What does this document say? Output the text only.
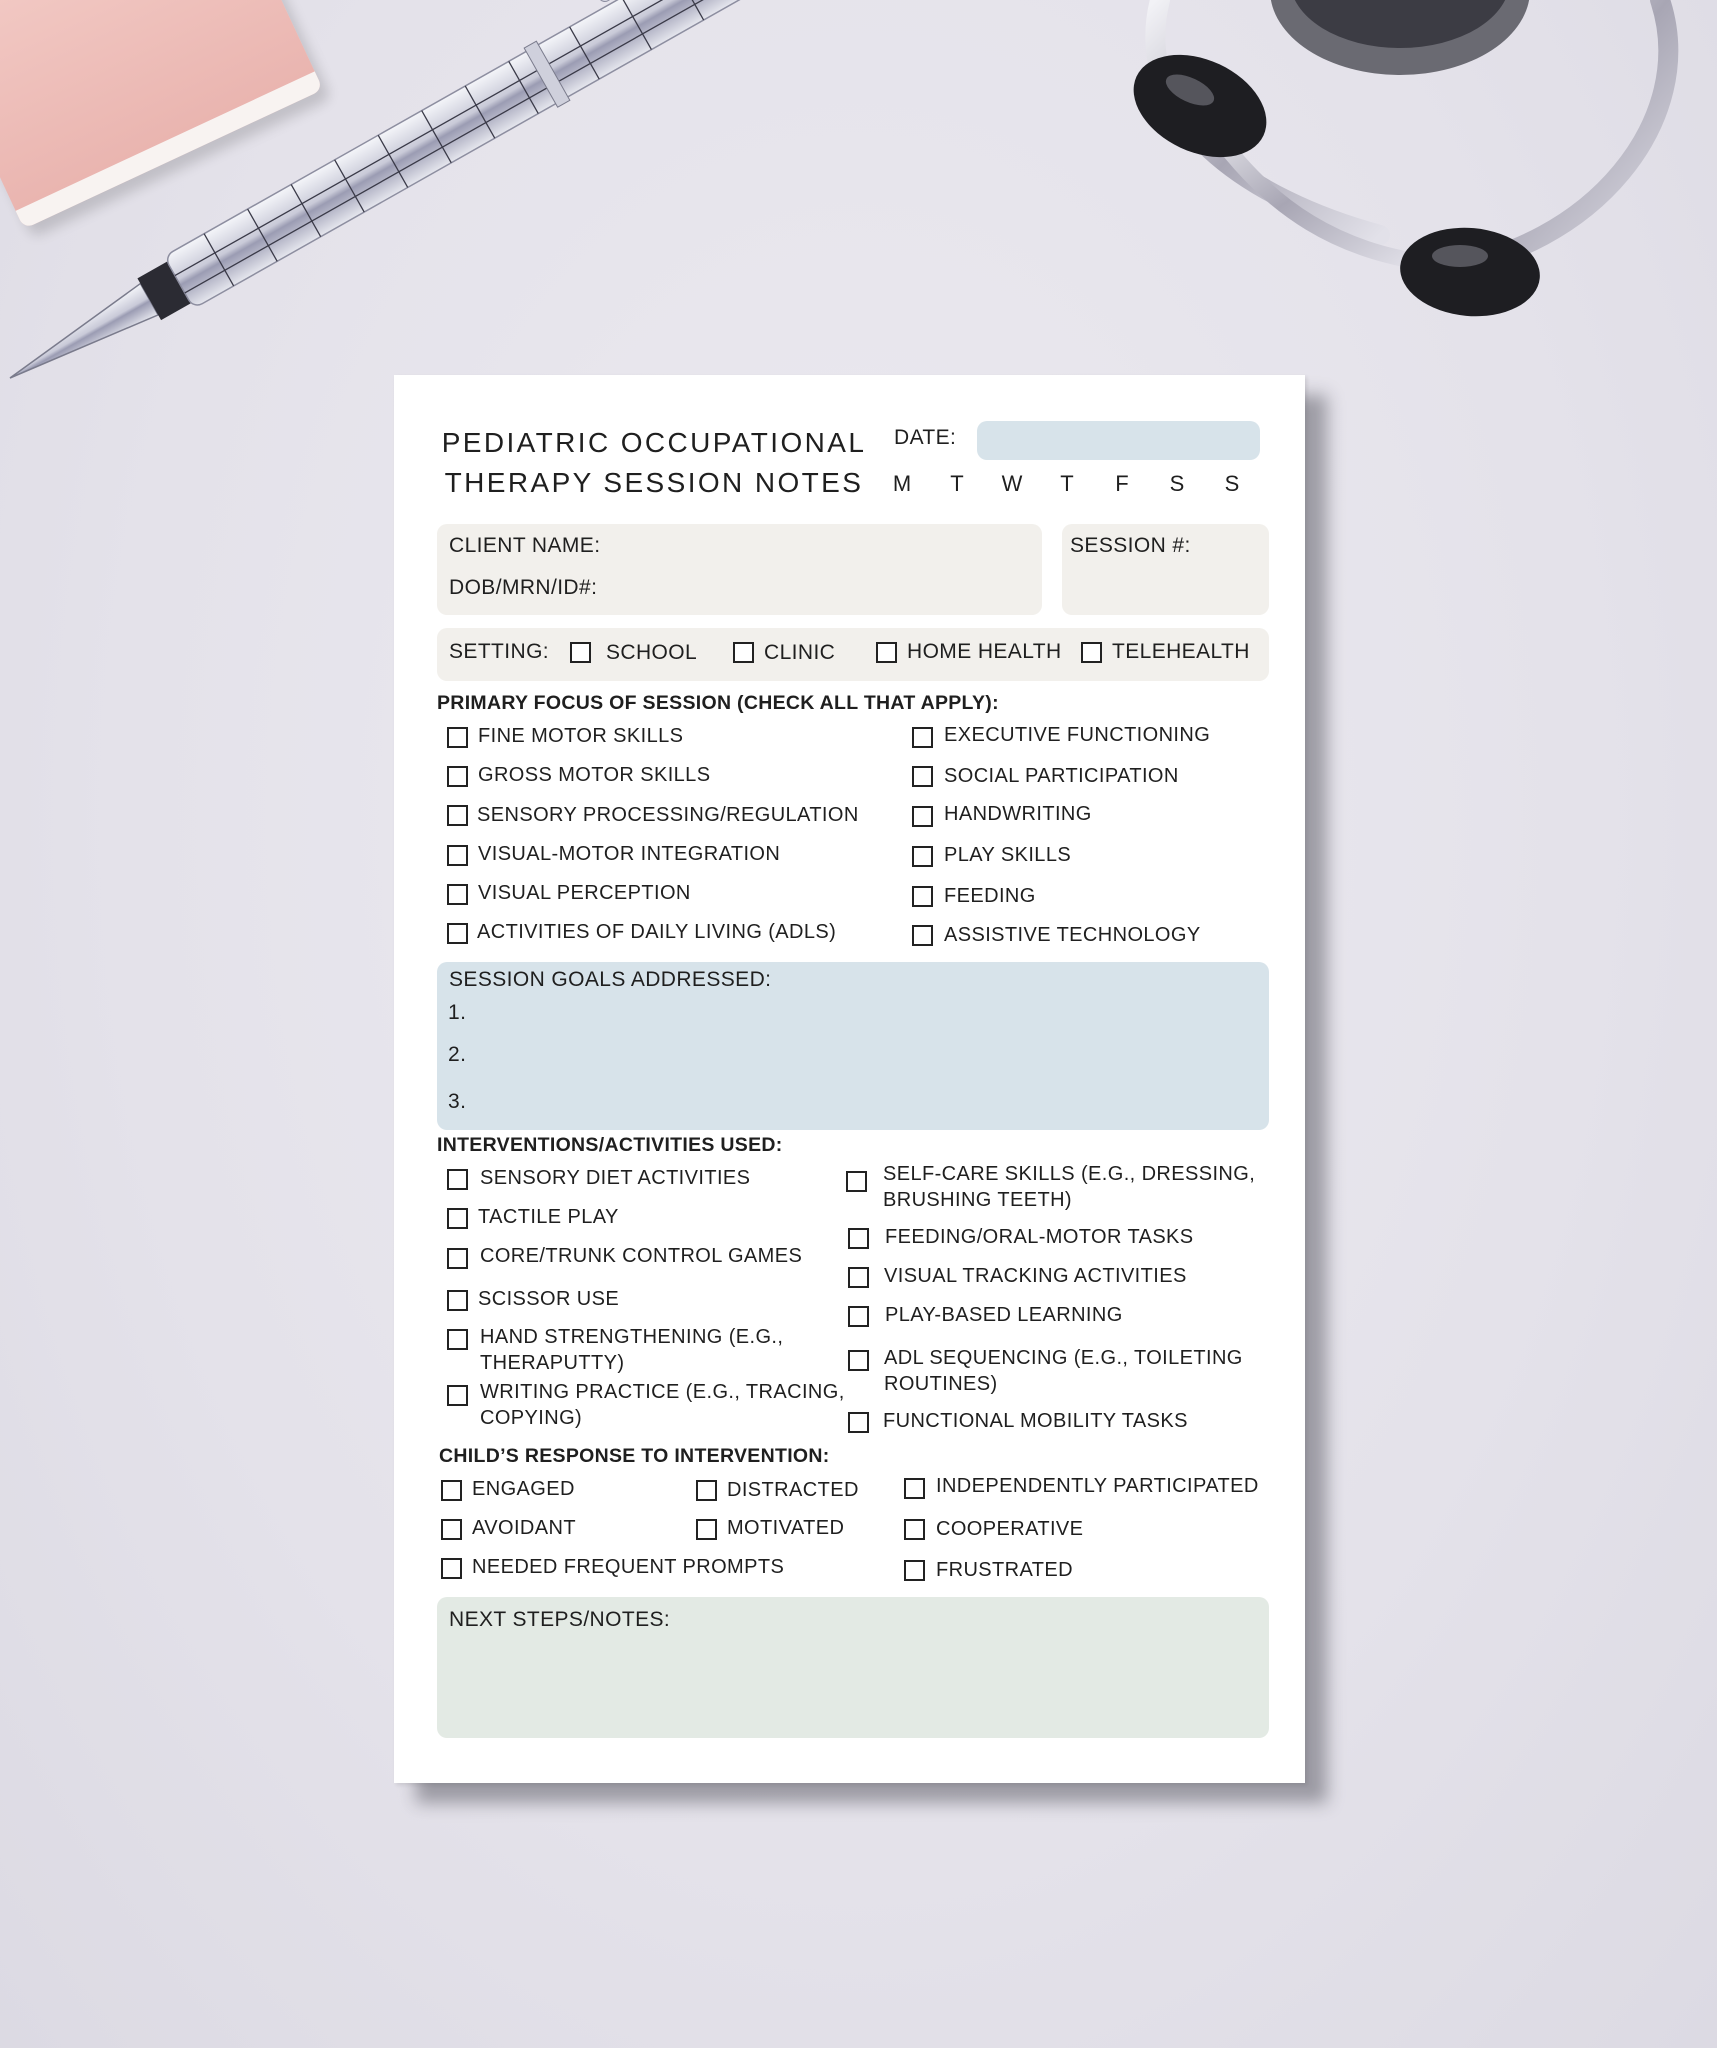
PEDIATRIC OCCUPATIONAL
THERAPY SESSION NOTES
DATE:
M T W T F S S
CLIENT NAME:
DOB/MRN/ID#:
SESSION #:
SETTING:	SCHOOL	CLINIC	HOME HEALTH TELEHEALTH
PRIMARY FOCUS OF SESSION (CHECK ALL THAT APPLY):
FINE MOTOR SKILLS
GROSS MOTOR SKILLS
SENSORY PROCESSING/REGULATION
VISUAL-MOTOR INTEGRATION
VISUAL PERCEPTION
ACTIVITIES OF DAILY LIVING (ADLS)
EXECUTIVE FUNCTIONING
SOCIAL PARTICIPATION
HANDWRITING
PLAY SKILLS
FEEDING
ASSISTIVE TECHNOLOGY
SESSION GOALS ADDRESSED:
1.
2.
3.
INTERVENTIONS/ACTIVITIES USED:
SENSORY DIET ACTIVITIES
TACTILE PLAY
CORE/TRUNK CONTROL GAMES
SCISSOR USE
HAND STRENGTHENING (E.G.,
THERAPUTTY)
WRITING PRACTICE (E.G., TRACING,
COPYING)
SELF-CARE SKILLS (E.G., DRESSING,
BRUSHING TEETH)
FEEDING/ORAL-MOTOR TASKS
VISUAL TRACKING ACTIVITIES
PLAY-BASED LEARNING
ADL SEQUENCING (E.G., TOILETING
ROUTINES)
FUNCTIONAL MOBILITY TASKS
CHILD’S RESPONSE TO INTERVENTION:
ENGAGED
AVOIDANT
NEEDED FREQUENT PROMPTS
DISTRACTED
MOTIVATED
INDEPENDENTLY PARTICIPATED
COOPERATIVE
FRUSTRATED
NEXT STEPS/NOTES:
